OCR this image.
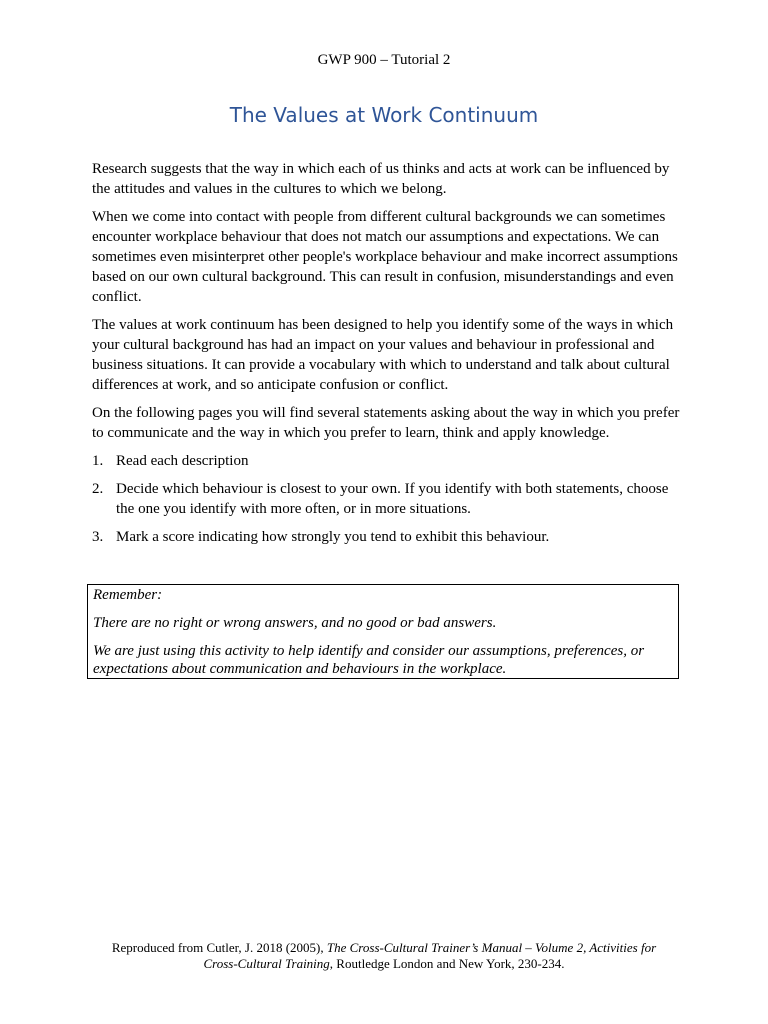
GWP 900 – Tutorial 2
The Values at Work Continuum

Research suggests that the way in which each of us thinks and acts at work can be influenced by the attitudes and values in the cultures to which we belong.

When we come into contact with people from different cultural backgrounds we can sometimes encounter workplace behaviour that does not match our assumptions and expectations. We can sometimes even misinterpret other people's workplace behaviour and make incorrect assumptions based on our own cultural background. This can result in confusion, misunderstandings and even conflict.

The values at work continuum has been designed to help you identify some of the ways in which your cultural background has had an impact on your values and behaviour in professional and business situations. It can provide a vocabulary with which to understand and talk about cultural differences at work, and so anticipate confusion or conflict.

On the following pages you will find several statements asking about the way in which you prefer to communicate and the way in which you prefer to learn, think and apply knowledge.

1. Read each description
2. Decide which behaviour is closest to your own. If you identify with both statements, choose the one you identify with more often, or in more situations.
3. Mark a score indicating how strongly you tend to exhibit this behaviour.

Remember:

There are no right or wrong answers, and no good or bad answers.

We are just using this activity to help identify and consider our assumptions, preferences, or expectations about communication and behaviours in the workplace.

Reproduced from Cutler, J. 2018 (2005), The Cross-Cultural Trainer’s Manual – Volume 2, Activities for Cross-Cultural Training, Routledge London and New York, 230-234.
